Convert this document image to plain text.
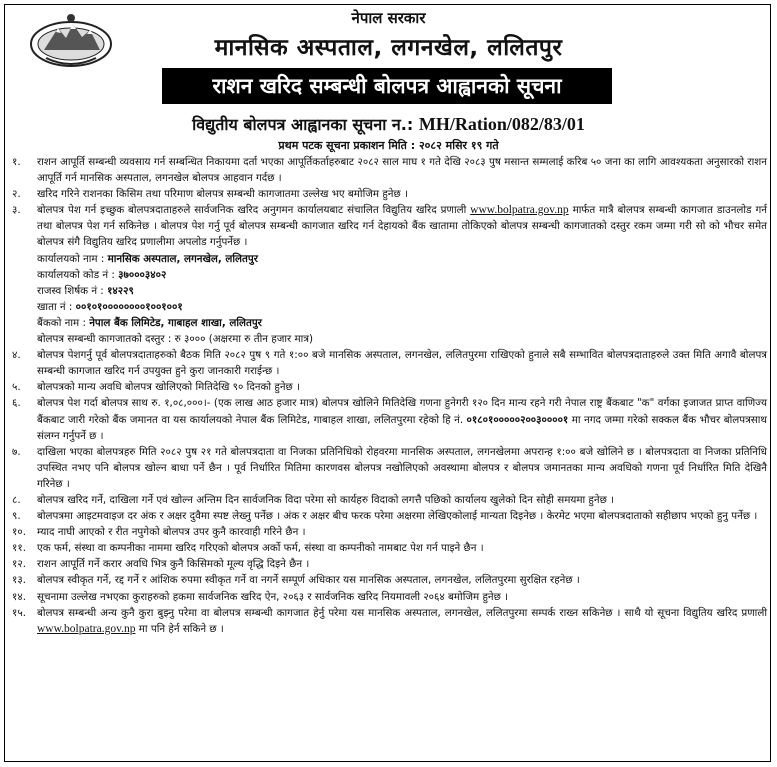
नेपाल सरकार
मानसिक अस्पताल, लगनखेल, ललितपुर
राशन खरिद सम्बन्धी बोलपत्र आह्वानको सूचना
विद्युतीय बोलपत्र आह्वानका सूचना न.: MH/Ration/082/83/01
प्रथम पटक सूचना प्रकाशन मिति : २०८२ मसिर १९ गते
१.	राशन आपूर्ति सम्बन्धी व्यवसाय गर्न सम्बन्धित निकायमा दर्ता भएका आपूर्तिकर्ताहरुबाट २०८२ साल माघ १ गते देखि २०८३ पुष मसान्त सम्मलाई करिब ५० जना का लागि आवश्यकता अनुसारको राशन आपूर्ति गर्न मानसिक अस्पताल, लगनखेल बोलपत्र आहवान गर्दछ ।
२.	खरिद गरिने राशनका किसिम तथा परिमाण बोलपत्र सम्बन्धी कागजातमा उल्लेख भए बमोजिम हुनेछ ।
३.	बोलपत्र पेश गर्न इच्छुक बोलपत्रदाताहरुले सार्वजनिक खरिद अनुगमन कार्यालयबाट संचालित विद्युतिय खरिद प्रणाली www.bolpatra.gov.np मार्फत मात्रै बोलपत्र सम्बन्धी कागजात डाउनलोड गर्न तथा बोलपत्र पेश गर्न सकिनेछ । बोलपत्र पेश गर्नु पूर्व बोलपत्र सम्बन्धी कागजात खरिद गर्न देहायको बैंक खातामा तोकिएको बोलपत्र सम्बन्धी कागजातको दस्तुर रकम जम्मा गरी सो को भौचर समेत बोलपत्र संगै विद्युतिय खरिद प्रणालीमा अपलोड गर्नुपर्नेछ ।
कार्यालयको नाम : मानसिक अस्पताल, लगनखेल, ललितपुर
कार्यालयको कोड नं : ३७०००३४०२
राजस्व शिर्षक नं : १४२२९
खाता नं : ००१०१००००००००१००१००१
बैंकको नाम : नेपाल बैंक लिमिटेड, गाबाहल शाखा, ललितपुर
बोलपत्र सम्बन्धी कागजातको दस्तुर : रु ३००० (अक्षरमा रु तीन हजार मात्र)
४.	बोलपत्र पेशगर्नु पूर्व बोलपत्रदाताहरुको बैठक मिति २०८२ पुष ९ गते १:०० बजे मानसिक अस्पताल, लगनखेल, ललितपुरमा राखिएको हुनाले सबै सम्भावित बोलपत्रदाताहरुले उक्त मिति अगावै बोलपत्र सम्बन्धी कागजात खरिद गर्न उपयुक्त हुने कुरा जानकारी गराईन्छ ।
५.	बोलपत्रको मान्य अवधि बोलपत्र खोलिएको मितिदेखि ९० दिनको हुनेछ ।
६.	बोलपत्र पेश गर्दा बोलपत्र साथ रु. १,०८,०००।- (एक लाख आठ हजार मात्र) बोलपत्र खोलिने मितिदेखि गणना हुनेगरी १२० दिन मान्य रहने गरी नेपाल राष्ट्र बैंकबाट "क" वर्गका इजाजत प्राप्त वाणिज्य बैंकबाट जारी गरेको बैंक जमानत वा यस कार्यालयको नेपाल बैंक लिमिटेड, गाबाहल शाखा, ललितपुरमा रहेको हि नं. ०१८०१०००००२००३००००१ मा नगद जम्मा गरेको सक्कल बैंक भौचर बोलपत्रसाथ संलग्न गर्नुपर्ने छ ।
७.	दाखिला भएका बोलपत्रहरु मिति २०८२ पुष २१ गते बोलपत्रदाता वा निजका प्रतिनिधिको रोहवरमा मानसिक अस्पताल, लगनखेलमा अपरान्ह १:०० बजे खोलिने छ । बोलपत्रदाता वा निजका प्रतिनिधि उपस्थित नभए पनि बोलपत्र खोल्न बाधा पर्ने छैन । पूर्व निर्धारित मितिमा कारणवस बोलपत्र नखोलिएको अवस्थामा बोलपत्र र बोलपत्र जमानतका मान्य अवधिको गणना पूर्व निर्धारित मिति देखिनै गरिनेछ ।
८.	बोलपत्र खरिद गर्ने, दाखिला गर्ने एवं खोल्न अन्तिम दिन सार्वजनिक विदा परेमा सो कार्यहरु विदाको लगत्तै पछिको कार्यालय खुलेको दिन सोही समयमा हुनेछ ।
९.	बोलपत्रमा आइटमवाइज दर अंक र अक्षर दुवैमा स्पष्ट लेख्नु पर्नेछ । अंक र अक्षर बीच फरक परेमा अक्षरमा लेखिएकोलाई मान्यता दिइनेछ । केरमेट भएमा बोलपत्रदाताको सहीछाप भएको हुनु पर्नेछ ।
१०.	म्याद नाघी आएको र रीत नपुगेको बोलपत्र उपर कुनै कारवाही गरिने छैन ।
११.	एक फर्म, संस्था वा कम्पनीका नाममा खरिद गरिएको बोलपत्र अर्को फर्म, संस्था वा कम्पनीको नामबाट पेश गर्न पाइने छैन ।
१२.	राशन आपूर्ति गर्ने करार अवधि भित्र कुनै किसिमको मूल्य वृद्धि दिइने छैन ।
१३.	बोलपत्र स्वीकृत गर्ने, रद्द गर्ने र आंशिक रुपमा स्वीकृत गर्ने वा नगर्ने सम्पूर्ण अधिकार यस मानसिक अस्पताल, लगनखेल, ललितपुरमा सुरक्षित रहनेछ ।
१४.	सूचनामा उल्लेख नभएका कुराहरुको हकमा सार्वजनिक खरिद ऐन, २०६३ र सार्वजनिक खरिद नियमावली २०६४ बमोजिम हुनेछ ।
१५.	बोलपत्र सम्बन्धी अन्य कुनै कुरा बुझ्नु परेमा वा बोलपत्र सम्बन्धी कागजात हेर्नु परेमा यस मानसिक अस्पताल, लगनखेल, ललितपुरमा सम्पर्क राख्न सकिनेछ । साथै यो सूचना विद्युतिय खरिद प्रणाली www.bolpatra.gov.np मा पनि हेर्न सकिने छ ।
